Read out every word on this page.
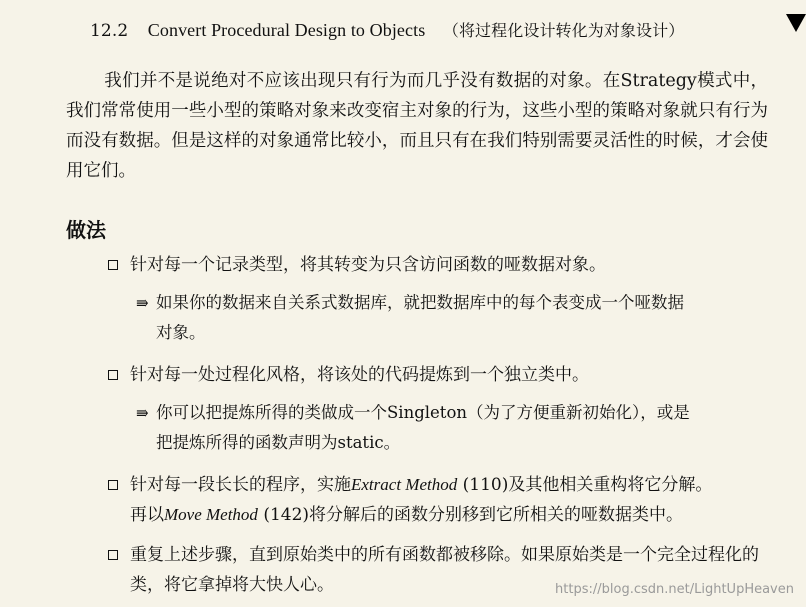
12.2 Convert Procedural Design to Objects （将过程化设计转化为对象设计）
我们并不是说绝对不应该出现只有行为而几乎没有数据的对象。在Strategy模式中，我们常常使用一些小型的策略对象来改变宿主对象的行为，这些小型的策略对象就只有行为而没有数据。但是这样的对象通常比较小，而且只有在我们特别需要灵活性的时候，才会使用它们。
做法
针对每一个记录类型，将其转变为只含访问函数的哑数据对象。
⇛ 如果你的数据来自关系式数据库，就把数据库中的每个表变成一个哑数据
对象。
针对每一处过程化风格，将该处的代码提炼到一个独立类中。
⇛ 你可以把提炼所得的类做成一个Singleton（为了方便重新初始化），或是
把提炼所得的函数声明为static。
针对每一段长长的程序，实施Extract Method (110)及其他相关重构将它分解。
再以Move Method (142)将分解后的函数分别移到它所相关的哑数据类中。
重复上述步骤，直到原始类中的所有函数都被移除。如果原始类是一个完全过程化的类，将它拿掉将大快人心。	https://blog.csdn.net/LightUpHeaven
